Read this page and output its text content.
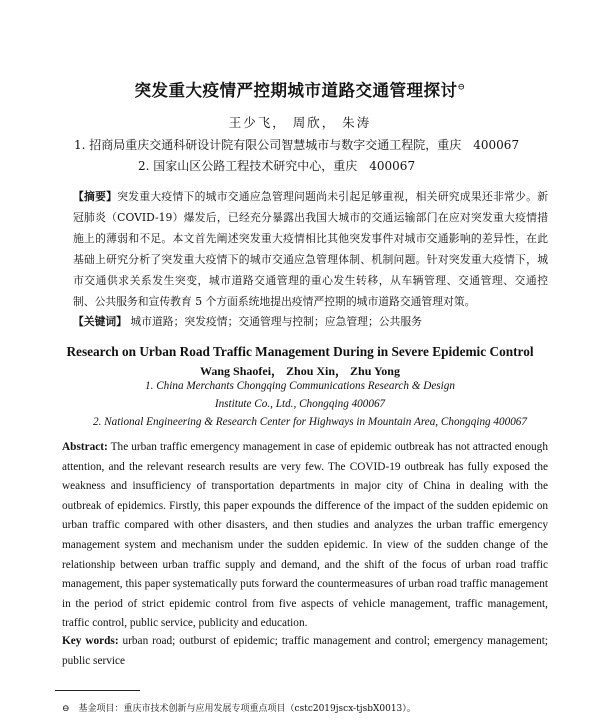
突发重大疫情严控期城市道路交通管理探讨⊖
王少飞， 周欣， 朱涛
1. 招商局重庆交通科研设计院有限公司智慧城市与数字交通工程院，重庆　400067
2. 国家山区公路工程技术研究中心，重庆　400067
【摘要】突发重大疫情下的城市交通应急管理问题尚未引起足够重视，相关研究成果还非常少。新冠肺炎（COVID-19）爆发后，已经充分暴露出我国大城市的交通运输部门在应对突发重大疫情措施上的薄弱和不足。本文首先阐述突发重大疫情相比其他突发事件对城市交通影响的差异性，在此基础上研究分析了突发重大疫情下的城市交通应急管理体制、机制问题。针对突发重大疫情下，城市交通供求关系发生突变，城市道路交通管理的重心发生转移，从车辆管理、交通管理、交通控制、公共服务和宣传教育 5 个方面系统地提出疫情严控期的城市道路交通管理对策。
【关键词】 城市道路；突发疫情；交通管理与控制；应急管理；公共服务
Research on Urban Road Traffic Management During in Severe Epidemic Control
Wang Shaofei， Zhou Xin， Zhu Yong
1. China Merchants Chongqing Communications Research & Design
Institute Co., Ltd., Chongqing 400067
2. National Engineering & Research Center for Highways in Mountain Area, Chongqing 400067
Abstract: The urban traffic emergency management in case of epidemic outbreak has not attracted enough attention, and the relevant research results are very few. The COVID-19 outbreak has fully exposed the weakness and insufficiency of transportation departments in major city of China in dealing with the outbreak of epidemics. Firstly, this paper expounds the difference of the impact of the sudden epidemic on urban traffic compared with other disasters, and then studies and analyzes the urban traffic emergency management system and mechanism under the sudden epidemic. In view of the sudden change of the relationship between urban traffic supply and demand, and the shift of the focus of urban road traffic management, this paper systematically puts forward the countermeasures of urban road traffic management in the period of strict epidemic control from five aspects of vehicle management, traffic management, traffic control, public service, publicity and education.
Key words: urban road; outburst of epidemic; traffic management and control; emergency management; public service
⊖　基金项目：重庆市技术创新与应用发展专项重点项目（cstc2019jscx-tjsbX0013）。
